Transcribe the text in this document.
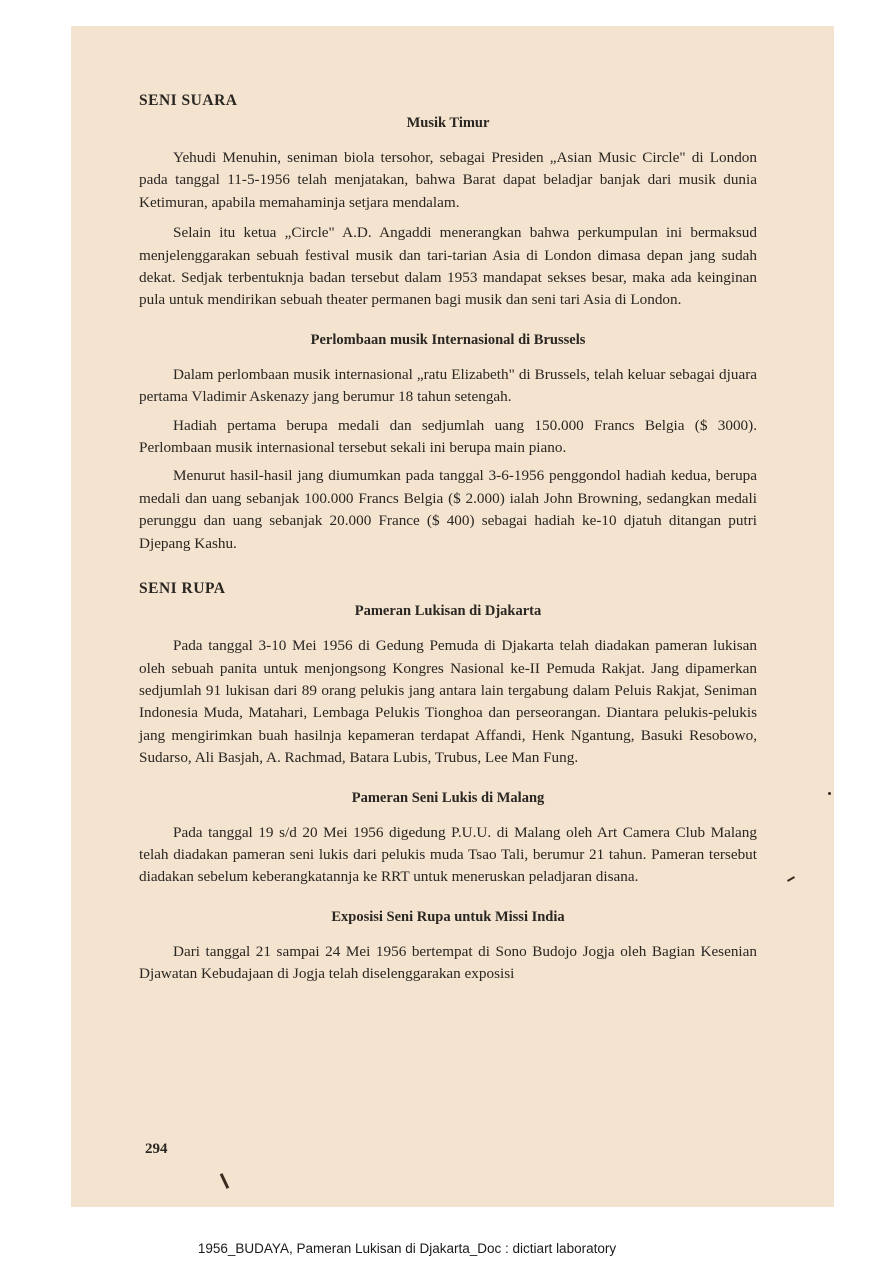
SENI SUARA
Musik Timur

Yehudi Menuhin, seniman biola tersohor, sebagai Presiden „Asian Music Circle" di London pada tanggal 11-5-1956 telah menjatakan, bahwa Barat dapat beladjar banjak dari musik dunia Ketimuran, apabila memahaminja setjara mendalam.

Selain itu ketua „Circle" A.D. Angaddi menerangkan bahwa perkumpulan ini bermaksud menjelenggarakan sebuah festival musik dan tari-tarian Asia di London dimasa depan jang sudah dekat. Sedjak terbentuknja badan tersebut dalam 1953 mandapat sekses besar, maka ada keinginan pula untuk mendirikan sebuah theater permanen bagi musik dan seni tari Asia di London.

Perlombaan musik Internasional di Brussels

Dalam perlombaan musik internasional „ratu Elizabeth" di Brussels, telah keluar sebagai djuara pertama Vladimir Askenazy jang berumur 18 tahun setengah.

Hadiah pertama berupa medali dan sedjumlah uang 150.000 Francs Belgia ($ 3000). Perlombaan musik internasional tersebut sekali ini berupa main piano.

Menurut hasil-hasil jang diumumkan pada tanggal 3-6-1956 penggondol hadiah kedua, berupa medali dan uang sebanjak 100.000 Francs Belgia ($ 2.000) ialah John Browning, sedangkan medali perunggu dan uang sebanjak 20.000 France ($ 400) sebagai hadiah ke-10 djatuh ditangan putri Djepang Kashu.

SENI RUPA
Pameran Lukisan di Djakarta

Pada tanggal 3-10 Mei 1956 di Gedung Pemuda di Djakarta telah diadakan pameran lukisan oleh sebuah panita untuk menjongsong Kongres Nasional ke-II Pemuda Rakjat. Jang dipamerkan sedjumlah 91 lukisan dari 89 orang pelukis jang antara lain tergabung dalam Peluis Rakjat, Seniman Indonesia Muda, Matahari, Lembaga Pelukis Tionghoa dan perseorangan. Diantara pelukis-pelukis jang mengirimkan buah hasilnja kepameran terdapat Affandi, Henk Ngantung, Basuki Resobowo, Sudarso, Ali Basjah, A. Rachmad, Batara Lubis, Trubus, Lee Man Fung.

Pameran Seni Lukis di Malang

Pada tanggal 19 s/d 20 Mei 1956 digedung P.U.U. di Malang oleh Art Camera Club Malang telah diadakan pameran seni lukis dari pelukis muda Tsao Tali, berumur 21 tahun. Pameran tersebut diadakan sebelum keberangkatannja ke RRT untuk meneruskan peladjaran disana.

Exposisi Seni Rupa untuk Missi India

Dari tanggal 21 sampai 24 Mei 1956 bertempat di Sono Budojo Jogja oleh Bagian Kesenian Djawatan Kebudajaan di Jogja telah diselenggarakan exposisi

294
1956_BUDAYA, Pameran Lukisan di Djakarta_Doc : dictiart laboratory
